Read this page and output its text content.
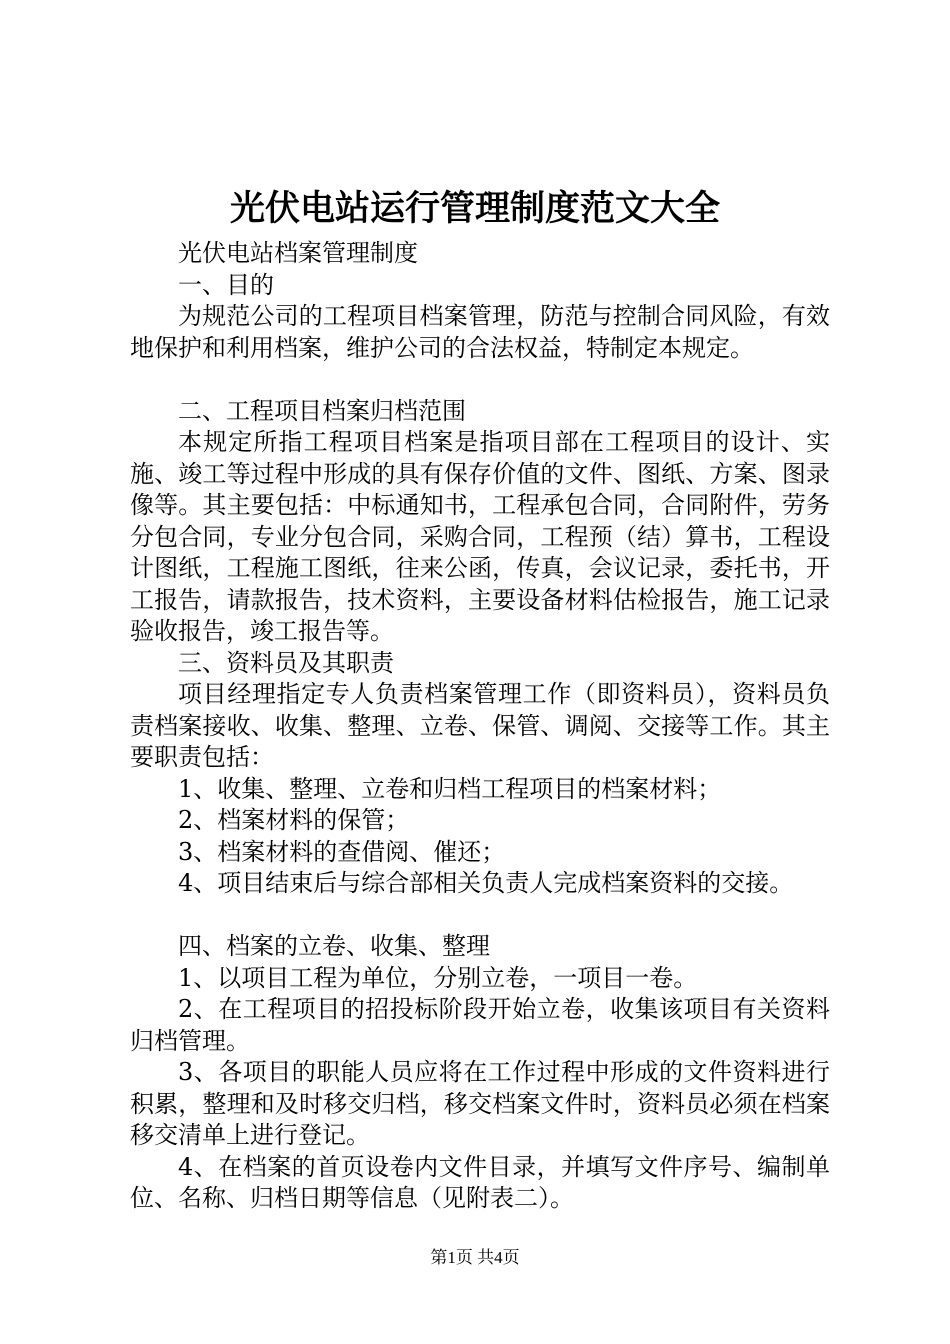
光伏电站运行管理制度范文大全

光伏电站档案管理制度

一、目的

为规范公司的工程项目档案管理，防范与控制合同风险，有效地保护和利用档案，维护公司的合法权益，特制定本规定。

二、工程项目档案归档范围

本规定所指工程项目档案是指项目部在工程项目的设计、实施、竣工等过程中形成的具有保存价值的文件、图纸、方案、图录像等。其主要包括：中标通知书，工程承包合同，合同附件，劳务分包合同，专业分包合同，采购合同，工程预（结）算书，工程设计图纸，工程施工图纸，往来公函，传真，会议记录，委托书，开工报告，请款报告，技术资料，主要设备材料估检报告，施工记录验收报告，竣工报告等。

三、资料员及其职责

项目经理指定专人负责档案管理工作（即资料员），资料员负责档案接收、收集、整理、立卷、保管、调阅、交接等工作。其主要职责包括：

1、收集、整理、立卷和归档工程项目的档案材料；

2、档案材料的保管；

3、档案材料的查借阅、催还；

4、项目结束后与综合部相关负责人完成档案资料的交接。

四、档案的立卷、收集、整理

1、以项目工程为单位，分别立卷，一项目一卷。

2、在工程项目的招投标阶段开始立卷，收集该项目有关资料归档管理。

3、各项目的职能人员应将在工作过程中形成的文件资料进行积累，整理和及时移交归档，移交档案文件时，资料员必须在档案移交清单上进行登记。

4、在档案的首页设卷内文件目录，并填写文件序号、编制单位、名称、归档日期等信息（见附表二）。

第1页 共4页
